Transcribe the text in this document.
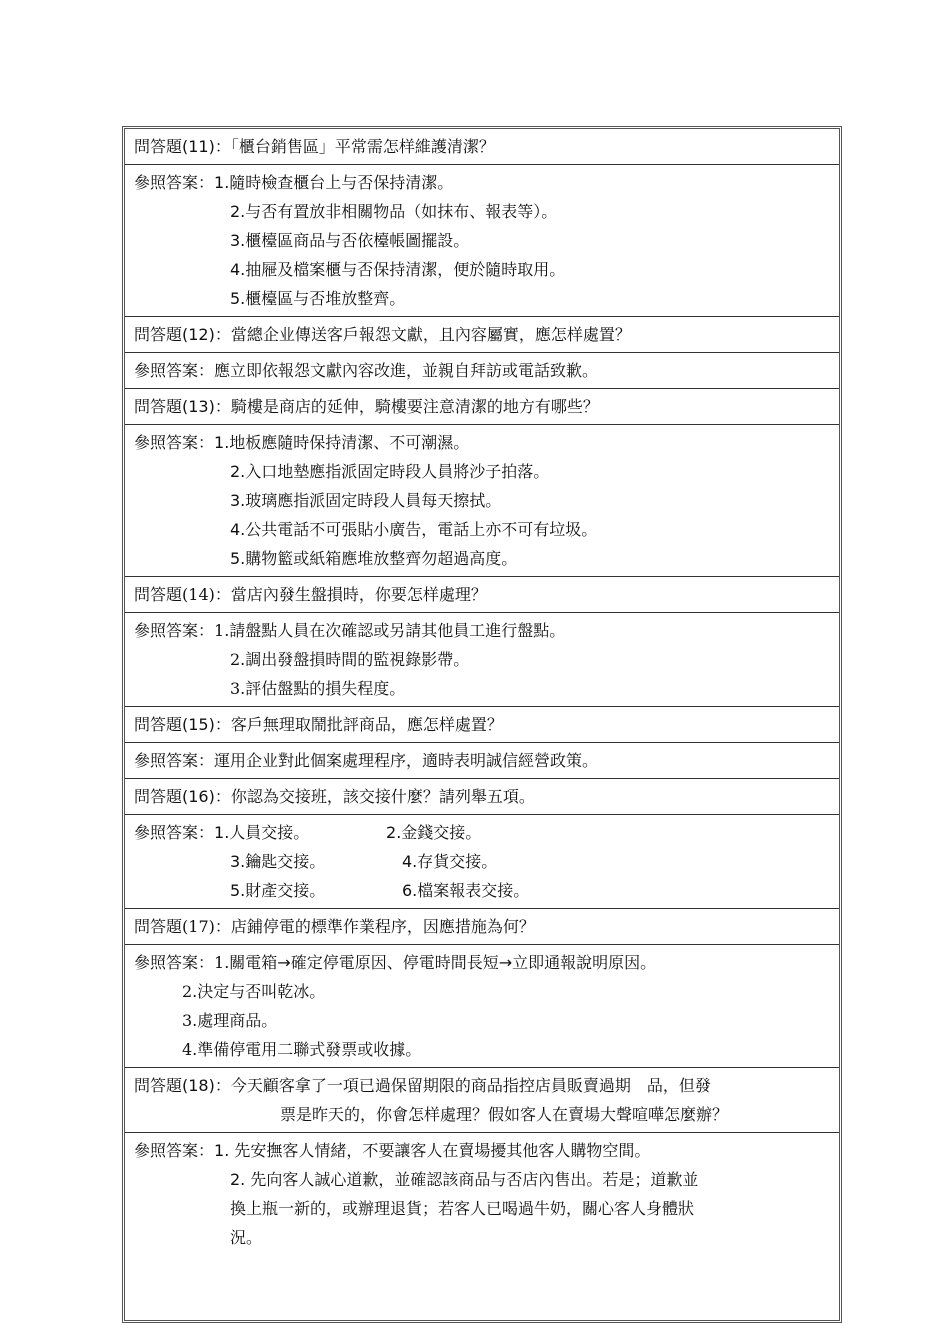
問答題(11)：「櫃台銷售區」平常需怎样維護清潔？
參照答案：1.隨時檢查櫃台上与否保持清潔。
2.与否有置放非相關物品（如抹布、報表等）。
3.櫃檯區商品与否依檯帳圖擺設。
4.抽屜及檔案櫃与否保持清潔，便於隨時取用。
5.櫃檯區与否堆放整齊。
問答題(12)：當總企业傳送客戶報怨文獻，且內容屬實，應怎样處置？
參照答案：應立即依報怨文獻內容改進，並親自拜訪或電話致歉。
問答題(13)：騎樓是商店的延伸，騎樓要注意清潔的地方有哪些？
參照答案：1.地板應隨時保持清潔、不可潮濕。
2.入口地墊應指派固定時段人員將沙子拍落。
3.玻璃應指派固定時段人員每天擦拭。
4.公共電話不可張貼小廣告，電話上亦不可有垃圾。
5.購物籃或紙箱應堆放整齊勿超過高度。
問答題(14)：當店內發生盤損時，你要怎样處理？
參照答案：1.請盤點人員在次確認或另請其他員工進行盤點。
2.調出發盤損時間的監視錄影帶。
3.評估盤點的損失程度。
問答題(15)：客戶無理取鬧批評商品，應怎样處置？
參照答案：運用企业對此個案處理程序，適時表明誠信經營政策。
問答題(16)：你認為交接班，該交接什麼？請列舉五項。
參照答案：1.人員交接。	2.金錢交接。
3.鑰匙交接。	4.存貨交接。
5.財產交接。	6.檔案報表交接。
問答題(17)：店鋪停電的標準作業程序，因應措施為何？
參照答案：1.關電箱→確定停電原因、停電時間長短→立即通報說明原因。
2.決定与否叫乾冰。
3.處理商品。
4.準備停電用二聯式發票或收據。
問答題(18)：今天顧客拿了一項已過保留期限的商品指控店員販賣過期　品，但發
票是昨天的，你會怎样處理？假如客人在賣場大聲喧嘩怎麼辦？
參照答案：1. 先安撫客人情緒，不要讓客人在賣場擾其他客人購物空間。
2. 先向客人誠心道歉，並確認該商品与否店內售出。若是；道歉並
換上瓶一新的，或辦理退貨；若客人已喝過牛奶，關心客人身體狀
況。
